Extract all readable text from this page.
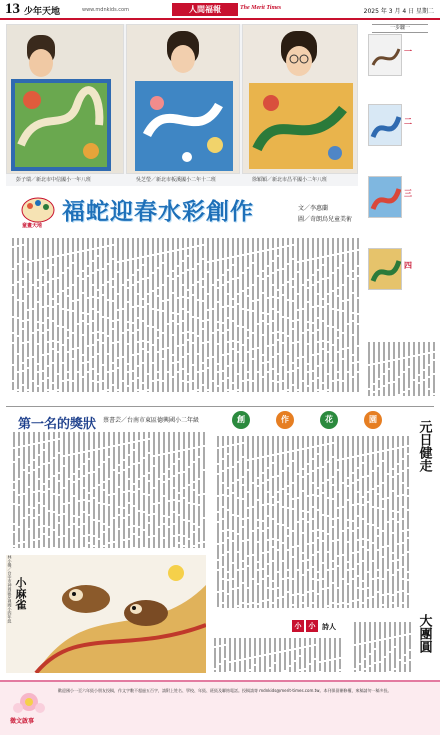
13 少年天地	www.mdnkids.com	人間福報	The Merit Times	2025 年 3 月 4 日 星期二
彭子瑞／新北市中信國小一年八班	吳芝瑩／新北市板溪國小二年十二班	徐穎穎／新北市昌平國小二年八班
一步驟一
一
二
三
四
童畫天地
福蛇迎春水彩創作	文／李惠蘭
圖／奇朗鳥兒童美術
第一名的獎狀 蔡書芸／台南市東區德興國小二年級	創	作	花	園
元日健走
大團圓
林小嫚／台中市神岡區岸裡國小四年級 小麻雀
小	小 詩人
徵文啟事
歡迎國小一至六年級小朋友投稿，作文字數不超過五百字，請附上姓名、學校、年級、班級及聯絡電話。投稿請寄 mdnkids@merit-times.com.tw。本刊保留刪修權，來稿請勿一稿多投。
